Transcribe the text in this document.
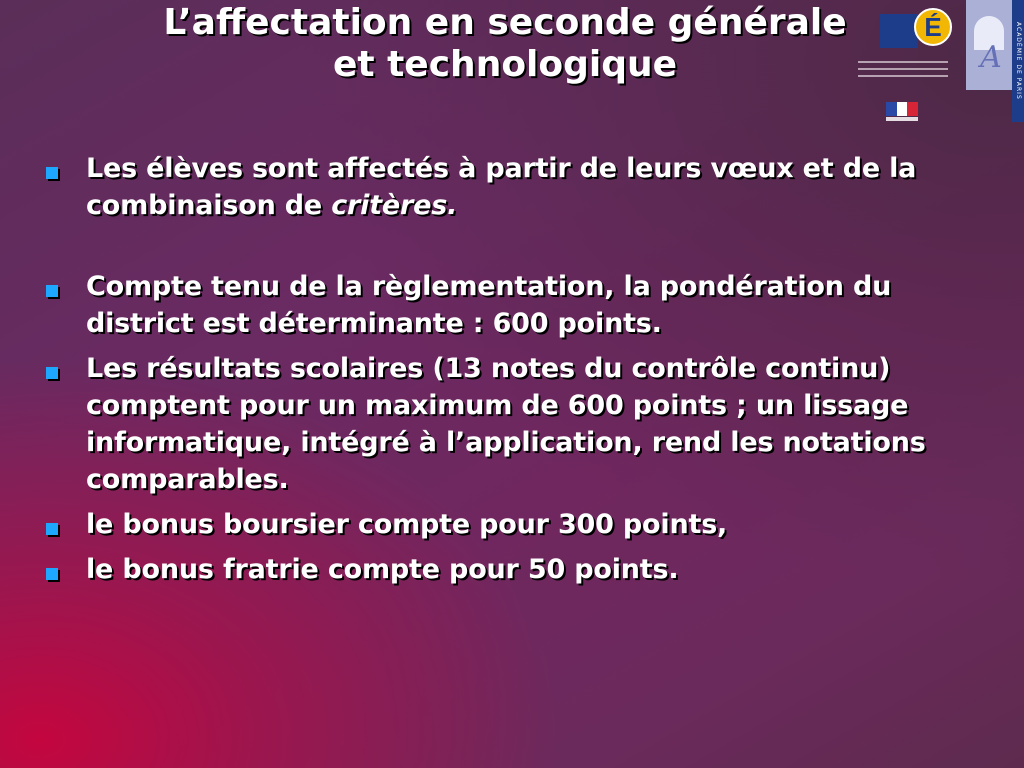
L’affectation en seconde générale
et technologique
É
A	ACADÉMIE DE PARIS
Les élèves sont affectés à partir de leurs vœux et de la combinaison de critères.
Compte tenu de la règlementation, la pondération du district est déterminante : 600 points.
Les résultats scolaires (13 notes du contrôle continu) comptent pour un maximum de 600 points ; un lissage informatique, intégré à l’application, rend les notations comparables.
le bonus boursier compte pour 300 points,
le bonus fratrie compte pour 50 points.
